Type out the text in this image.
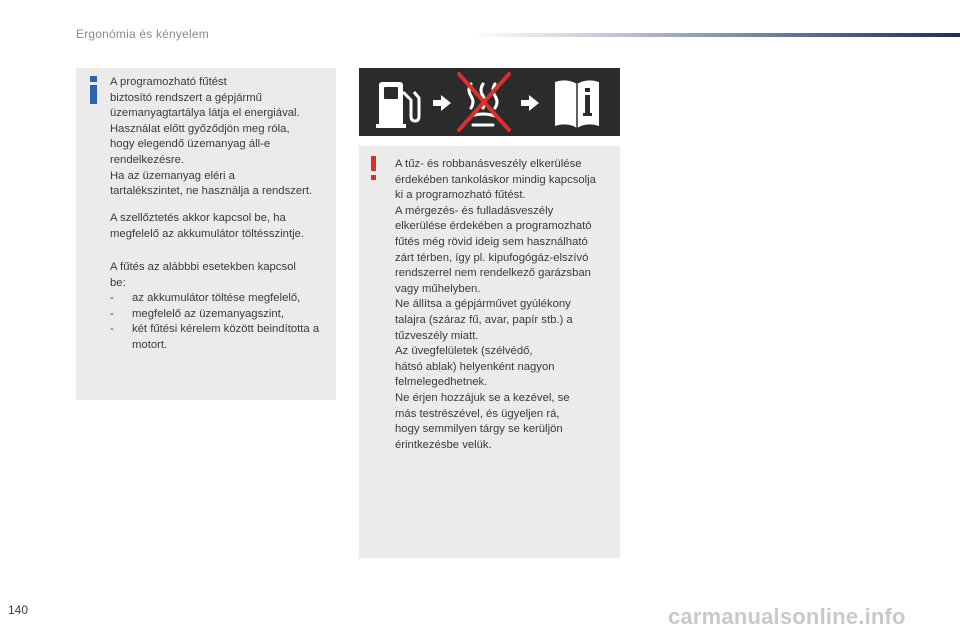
Ergonómia és kényelem
A programozható fűtést
biztosító rendszert a gépjármű
üzemanyagtartálya látja el energiával.
Használat előtt győződjön meg róla,
hogy elegendő üzemanyag áll-e
rendelkezésre.
Ha az üzemanyag eléri a
tartalékszintet, ne használja a rendszert.
A szellőztetés akkor kapcsol be, ha
megfelelő az akkumulátor töltésszintje.
A fűtés az alábbbi esetekben kapcsol
be:
- az akkumulátor töltése megfelelő,
- megfelelő az üzemanyagszint,
- két fűtési kérelem között beindította a motort.
A tűz- és robbanásveszély elkerülése
érdekében tankoláskor mindig kapcsolja
ki a programozható fűtést.
A mérgezés- és fulladásveszély
elkerülése érdekében a programozható
fűtés még rövid ideig sem használható
zárt térben, így pl. kipufogógáz-elszívó
rendszerrel nem rendelkező garázsban
vagy műhelyben.
Ne állítsa a gépjárművet gyúlékony
talajra (száraz fű, avar, papír stb.) a
tűzveszély miatt.
Az üvegfelületek (szélvédő,
hátsó ablak) helyenként nagyon
felmelegedhetnek.
Ne érjen hozzájuk se a kezével, se
más testrészével, és ügyeljen rá,
hogy semmilyen tárgy se kerüljön
érintkezésbe velük.
140	carmanualsonline.info
